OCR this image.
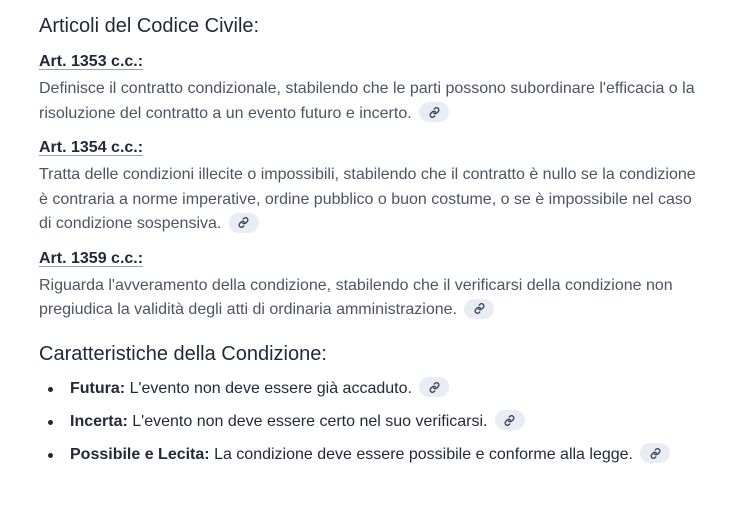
Articoli del Codice Civile:
Art. 1353 c.c.:

Definisce il contratto condizionale, stabilendo che le parti possono subordinare l'efficacia o la risoluzione del contratto a un evento futuro e incerto.

Art. 1354 c.c.:

Tratta delle condizioni illecite o impossibili, stabilendo che il contratto è nullo se la condizione è contraria a norme imperative, ordine pubblico o buon costume, o se è impossibile nel caso di condizione sospensiva.

Art. 1359 c.c.:

Riguarda l'avveramento della condizione, stabilendo che il verificarsi della condizione non pregiudica la validità degli atti di ordinaria amministrazione.

Caratteristiche della Condizione:
Futura: L'evento non deve essere già accaduto.
Incerta: L'evento non deve essere certo nel suo verificarsi.
Possibile e Lecita: La condizione deve essere possibile e conforme alla legge.
